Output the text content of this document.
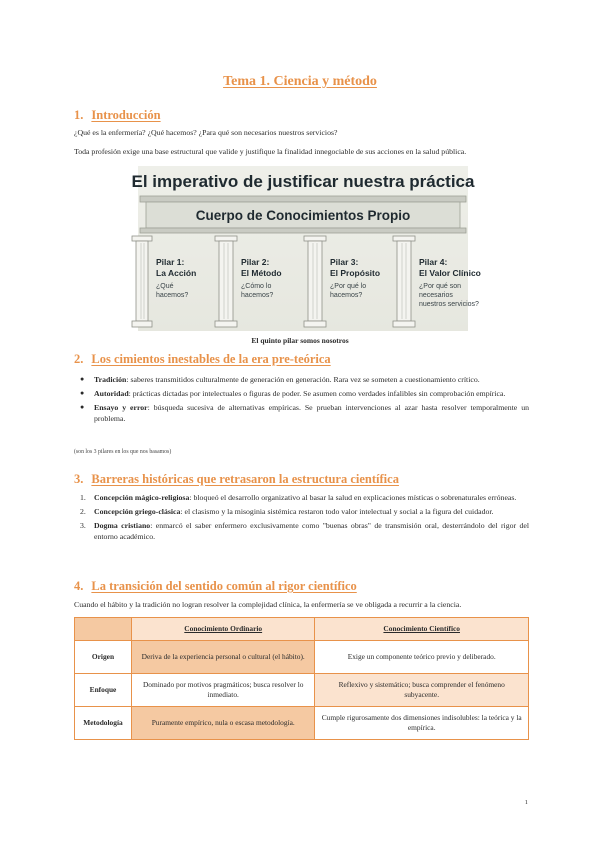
Tema 1. Ciencia y método
1. Introducción
¿Qué es la enfermería? ¿Qué hacemos? ¿Para qué son necesarios nuestros servicios?
Toda profesión exige una base estructural que valide y justifique la finalidad innegociable de sus acciones en la salud pública.
El imperativo de justificar nuestra práctica
Cuerpo de Conocimientos Propio
Pilar 1:
La Acción
¿Qué
hacemos?
Pilar 2:
El Método
¿Cómo lo
hacemos?
Pilar 3:
El Propósito
¿Por qué lo
hacemos?
Pilar 4:
El Valor Clínico
¿Por qué son
necesarios
nuestros servicios?
El quinto pilar somos nosotros
2. Los cimientos inestables de la era pre-teórica
● Tradición: saberes transmitidos culturalmente de generación en generación. Rara vez se someten a cuestionamiento crítico.
● Autoridad: prácticas dictadas por intelectuales o figuras de poder. Se asumen como verdades infalibles sin comprobación empírica.
● Ensayo y error: búsqueda sucesiva de alternativas empíricas. Se prueban intervenciones al azar hasta resolver temporalmente un problema.
(son los 3 pilares en los que nos basamos)
3. Barreras históricas que retrasaron la estructura científica
1. Concepción mágico-religiosa: bloqueó el desarrollo organizativo al basar la salud en explicaciones místicas o sobrenaturales erróneas.
2. Concepción griego-clásica: el clasismo y la misoginia sistémica restaron todo valor intelectual y social a la figura del cuidador.
3. Dogma cristiano: enmarcó el saber enfermero exclusivamente como "buenas obras" de transmisión oral, desterrándolo del rigor del entorno académico.
4. La transición del sentido común al rigor científico
Cuando el hábito y la tradición no logran resolver la complejidad clínica, la enfermería se ve obligada a recurrir a la ciencia.
	Conocimiento Ordinario	Conocimiento Científico
Origen	Deriva de la experiencia personal o cultural (el hábito).	Exige un componente teórico previo y deliberado.
Enfoque	Dominado por motivos pragmáticos; busca resolver lo inmediato.	Reflexivo y sistemático; busca comprender el fenómeno subyacente.
Metodología	Puramente empírico, nula o escasa metodología.	Cumple rigurosamente dos dimensiones indisolubles: la teórica y la empírica.
1
